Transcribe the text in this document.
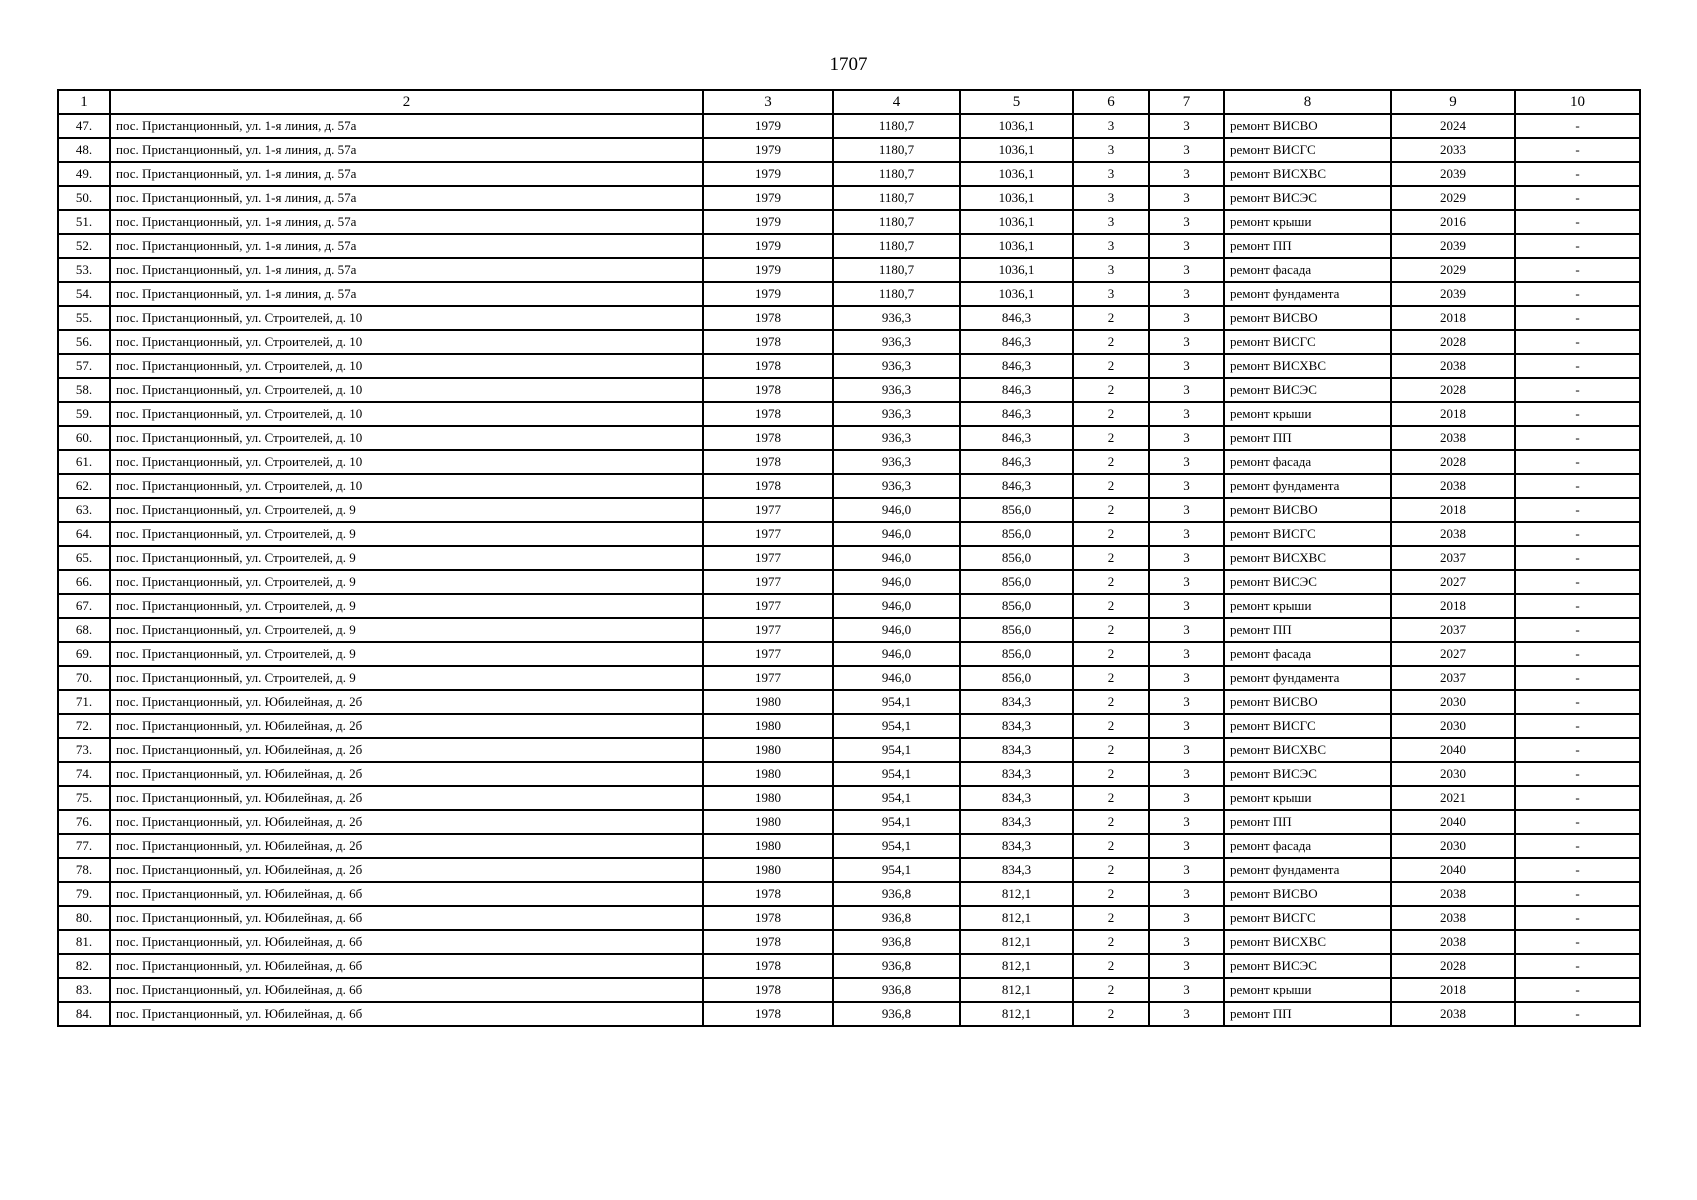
1707
1	2	3	4	5	6	7	8	9	10
47.	пос. Пристанционный, ул. 1-я линия, д. 57а	1979	1180,7	1036,1	3	3	ремонт ВИСВО	2024	-
48.	пос. Пристанционный, ул. 1-я линия, д. 57а	1979	1180,7	1036,1	3	3	ремонт ВИСГС	2033	-
49.	пос. Пристанционный, ул. 1-я линия, д. 57а	1979	1180,7	1036,1	3	3	ремонт ВИСХВС	2039	-
50.	пос. Пристанционный, ул. 1-я линия, д. 57а	1979	1180,7	1036,1	3	3	ремонт ВИСЭС	2029	-
51.	пос. Пристанционный, ул. 1-я линия, д. 57а	1979	1180,7	1036,1	3	3	ремонт крыши	2016	-
52.	пос. Пристанционный, ул. 1-я линия, д. 57а	1979	1180,7	1036,1	3	3	ремонт ПП	2039	-
53.	пос. Пристанционный, ул. 1-я линия, д. 57а	1979	1180,7	1036,1	3	3	ремонт фасада	2029	-
54.	пос. Пристанционный, ул. 1-я линия, д. 57а	1979	1180,7	1036,1	3	3	ремонт фундамента	2039	-
55.	пос. Пристанционный, ул. Строителей, д. 10	1978	936,3	846,3	2	3	ремонт ВИСВО	2018	-
56.	пос. Пристанционный, ул. Строителей, д. 10	1978	936,3	846,3	2	3	ремонт ВИСГС	2028	-
57.	пос. Пристанционный, ул. Строителей, д. 10	1978	936,3	846,3	2	3	ремонт ВИСХВС	2038	-
58.	пос. Пристанционный, ул. Строителей, д. 10	1978	936,3	846,3	2	3	ремонт ВИСЭС	2028	-
59.	пос. Пристанционный, ул. Строителей, д. 10	1978	936,3	846,3	2	3	ремонт крыши	2018	-
60.	пос. Пристанционный, ул. Строителей, д. 10	1978	936,3	846,3	2	3	ремонт ПП	2038	-
61.	пос. Пристанционный, ул. Строителей, д. 10	1978	936,3	846,3	2	3	ремонт фасада	2028	-
62.	пос. Пристанционный, ул. Строителей, д. 10	1978	936,3	846,3	2	3	ремонт фундамента	2038	-
63.	пос. Пристанционный, ул. Строителей, д. 9	1977	946,0	856,0	2	3	ремонт ВИСВО	2018	-
64.	пос. Пристанционный, ул. Строителей, д. 9	1977	946,0	856,0	2	3	ремонт ВИСГС	2038	-
65.	пос. Пристанционный, ул. Строителей, д. 9	1977	946,0	856,0	2	3	ремонт ВИСХВС	2037	-
66.	пос. Пристанционный, ул. Строителей, д. 9	1977	946,0	856,0	2	3	ремонт ВИСЭС	2027	-
67.	пос. Пристанционный, ул. Строителей, д. 9	1977	946,0	856,0	2	3	ремонт крыши	2018	-
68.	пос. Пристанционный, ул. Строителей, д. 9	1977	946,0	856,0	2	3	ремонт ПП	2037	-
69.	пос. Пристанционный, ул. Строителей, д. 9	1977	946,0	856,0	2	3	ремонт фасада	2027	-
70.	пос. Пристанционный, ул. Строителей, д. 9	1977	946,0	856,0	2	3	ремонт фундамента	2037	-
71.	пос. Пристанционный, ул. Юбилейная, д. 2б	1980	954,1	834,3	2	3	ремонт ВИСВО	2030	-
72.	пос. Пристанционный, ул. Юбилейная, д. 2б	1980	954,1	834,3	2	3	ремонт ВИСГС	2030	-
73.	пос. Пристанционный, ул. Юбилейная, д. 2б	1980	954,1	834,3	2	3	ремонт ВИСХВС	2040	-
74.	пос. Пристанционный, ул. Юбилейная, д. 2б	1980	954,1	834,3	2	3	ремонт ВИСЭС	2030	-
75.	пос. Пристанционный, ул. Юбилейная, д. 2б	1980	954,1	834,3	2	3	ремонт крыши	2021	-
76.	пос. Пристанционный, ул. Юбилейная, д. 2б	1980	954,1	834,3	2	3	ремонт ПП	2040	-
77.	пос. Пристанционный, ул. Юбилейная, д. 2б	1980	954,1	834,3	2	3	ремонт фасада	2030	-
78.	пос. Пристанционный, ул. Юбилейная, д. 2б	1980	954,1	834,3	2	3	ремонт фундамента	2040	-
79.	пос. Пристанционный, ул. Юбилейная, д. 6б	1978	936,8	812,1	2	3	ремонт ВИСВО	2038	-
80.	пос. Пристанционный, ул. Юбилейная, д. 6б	1978	936,8	812,1	2	3	ремонт ВИСГС	2038	-
81.	пос. Пристанционный, ул. Юбилейная, д. 6б	1978	936,8	812,1	2	3	ремонт ВИСХВС	2038	-
82.	пос. Пристанционный, ул. Юбилейная, д. 6б	1978	936,8	812,1	2	3	ремонт ВИСЭС	2028	-
83.	пос. Пристанционный, ул. Юбилейная, д. 6б	1978	936,8	812,1	2	3	ремонт крыши	2018	-
84.	пос. Пристанционный, ул. Юбилейная, д. 6б	1978	936,8	812,1	2	3	ремонт ПП	2038	-
